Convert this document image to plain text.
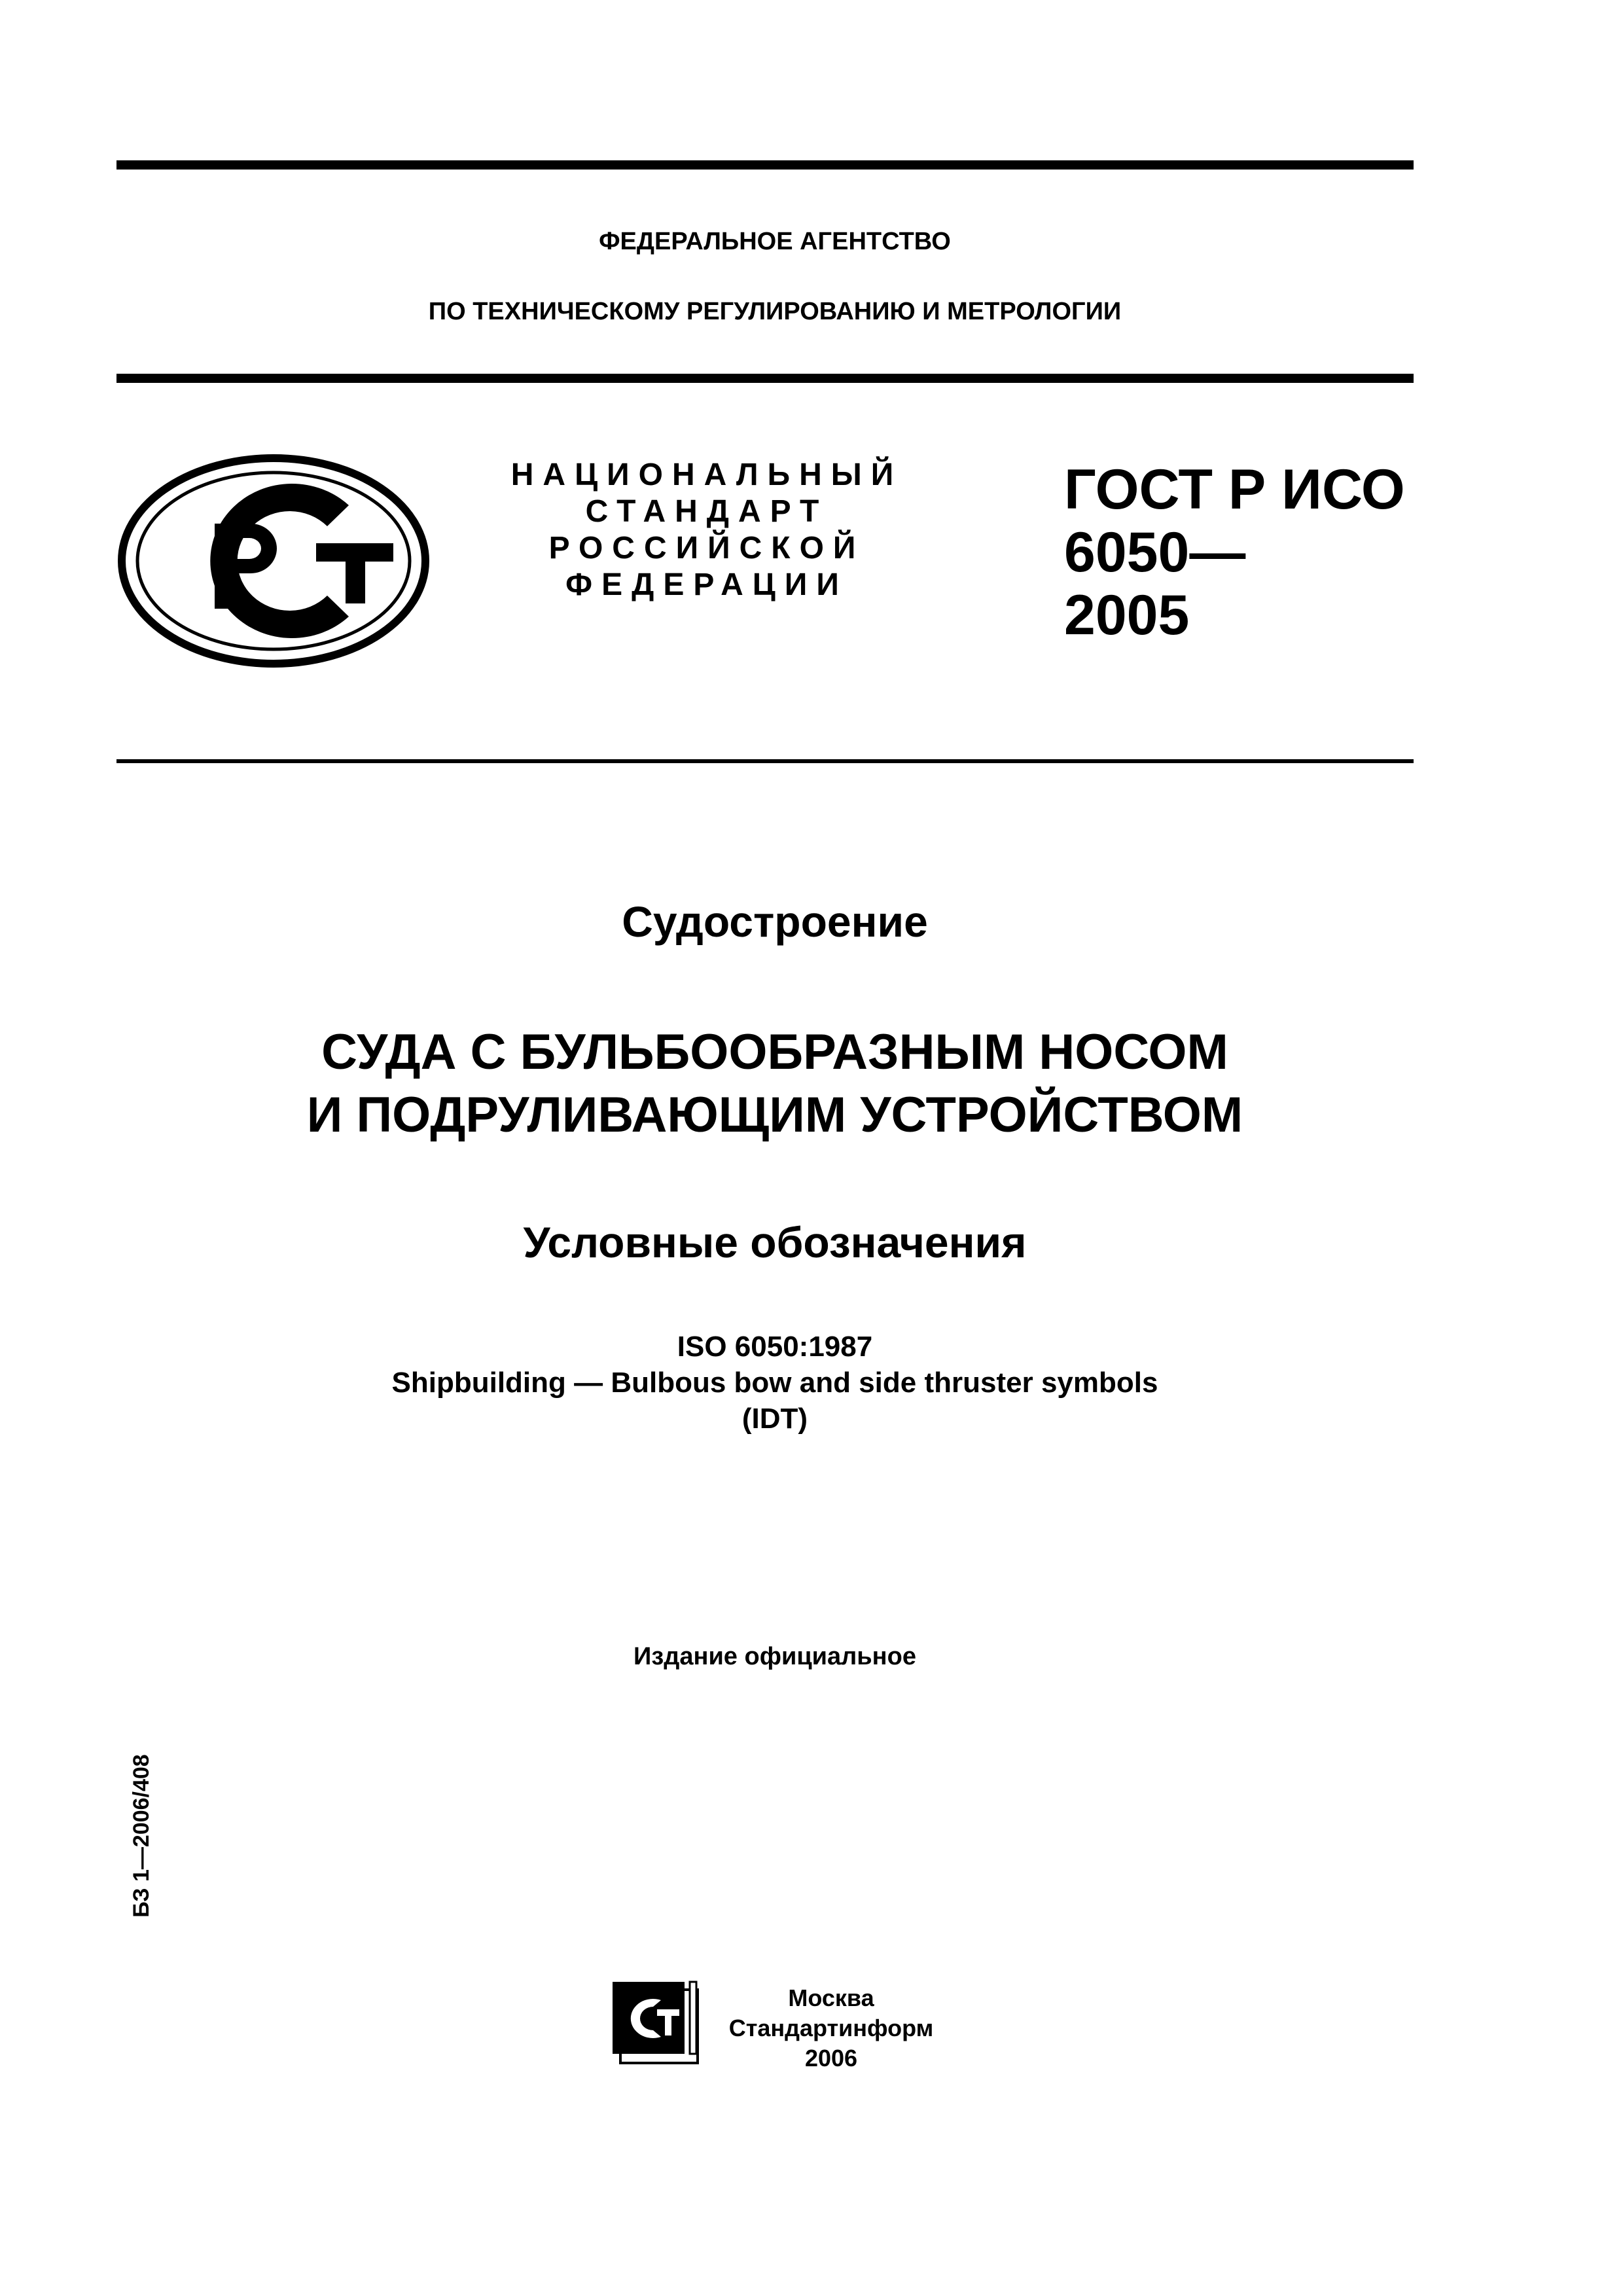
ФЕДЕРАЛЬНОЕ АГЕНТСТВО
ПО ТЕХНИЧЕСКОМУ РЕГУЛИРОВАНИЮ И МЕТРОЛОГИИ
НАЦИОНАЛЬНЫЙ
СТАНДАРТ
РОССИЙСКОЙ
ФЕДЕРАЦИИ
ГОСТ Р ИСО
6050—
2005
Судостроение
СУДА С БУЛЬБООБРАЗНЫМ НОСОМ
И ПОДРУЛИВАЮЩИМ УСТРОЙСТВОМ
Условные обозначения
ISO 6050:1987
Shipbuilding — Bulbous bow and side thruster symbols
(IDT)
Издание официальное
БЗ 1—2006/408
Москва
Стандартинформ
2006
